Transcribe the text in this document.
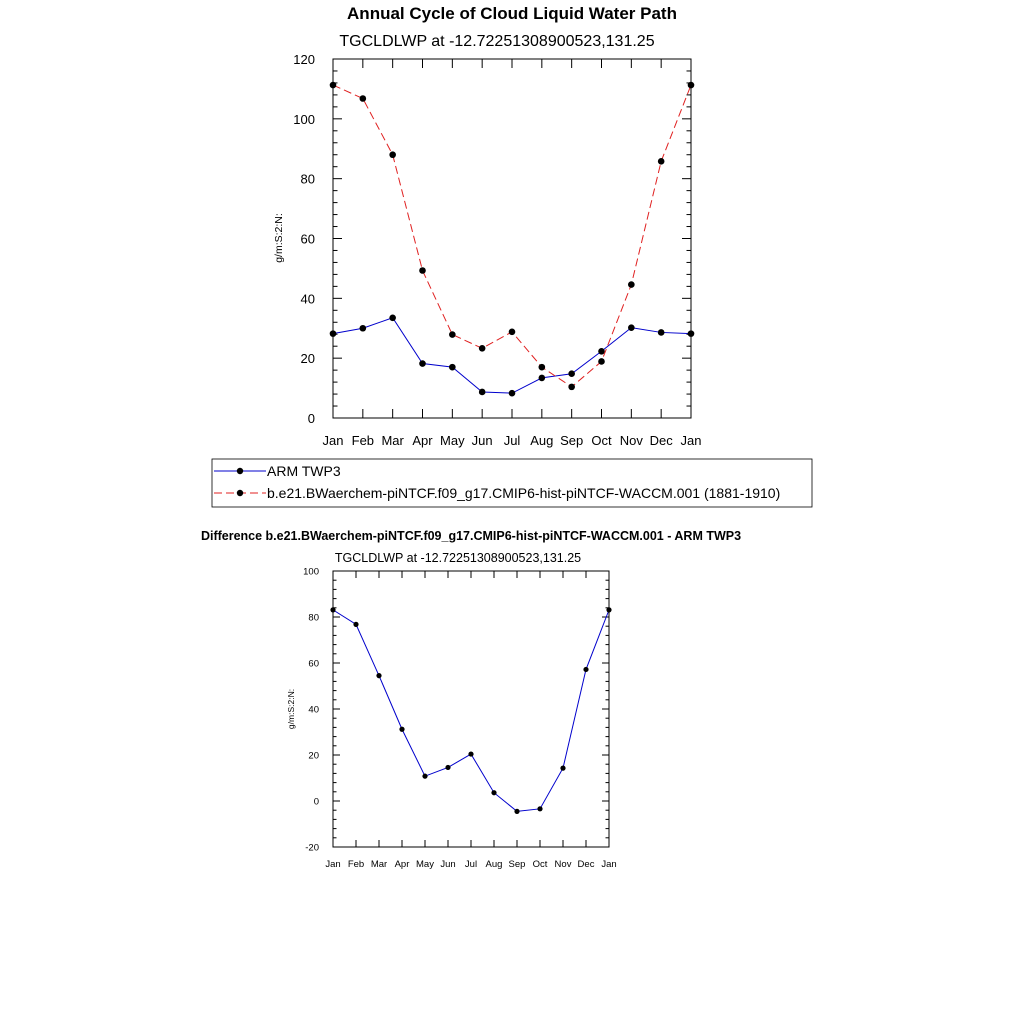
Annual Cycle of Cloud Liquid Water Path
TGCLDLWP at -12.72251308900523,131.25
g/m:S:2:N:
Jan Feb Mar Apr May Jun Jul Aug Sep Oct Nov Dec Jan
0
20
40
60
80
100
120
ARM TWP3
b.e21.BWaerchem-piNTCF.f09_g17.CMIP6-hist-piNTCF-WACCM.001 (1881-1910)
Difference b.e21.BWaerchem-piNTCF.f09_g17.CMIP6-hist-piNTCF-WACCM.001 - ARM TWP3
TGCLDLWP at -12.72251308900523,131.25
g/m:S:2:N:
Jan Feb Mar Apr May Jun Jul Aug Sep Oct Nov Dec Jan
-20
0
20
40
60
80
100
